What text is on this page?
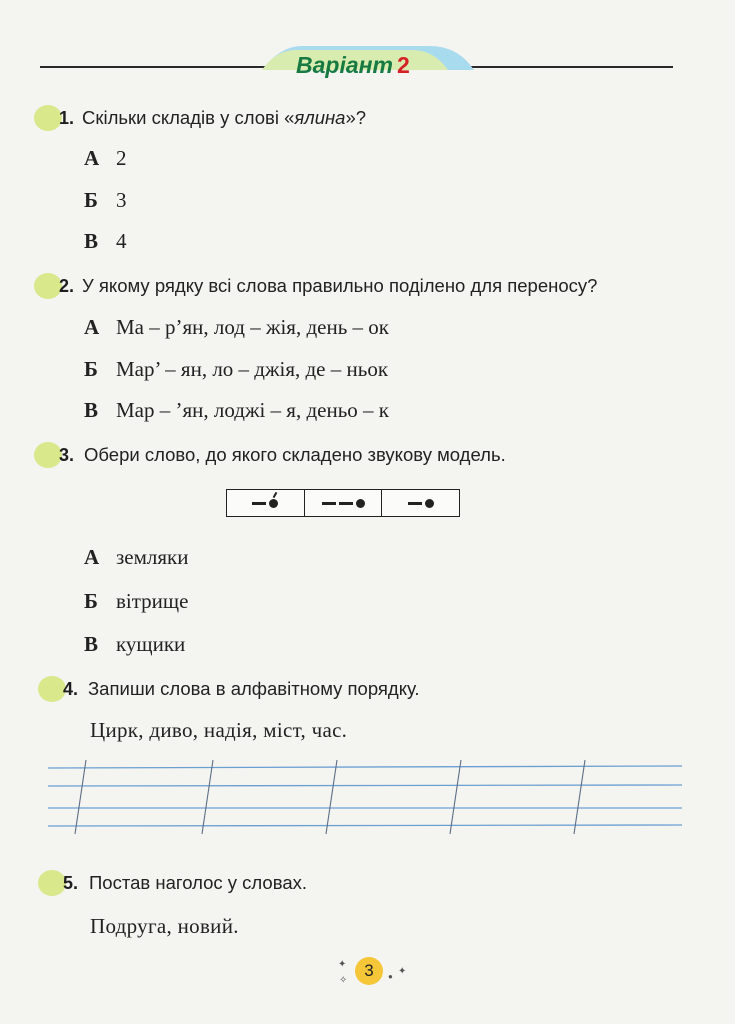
Варіант 2
1. Скільки складів у слові «ялина»?
А 2
Б 3
В 4
2. У якому рядку всі слова правильно поділено для переносу?
А Ма – р’ян, лод – жія, день – ок
Б Мар’ – ян, ло – джія, де – ньок
В Мар – ’ян, лоджі – я, деньо – к
3. Обери слово, до якого складено звукову модель.
А земляки
Б вітрище
В кущики
4. Запиши слова в алфавітному порядку.
Цирк, диво, надія, міст, час.
5. Постав наголос у словах.
Подруга, новий.
✦
✧
3	● ✦
